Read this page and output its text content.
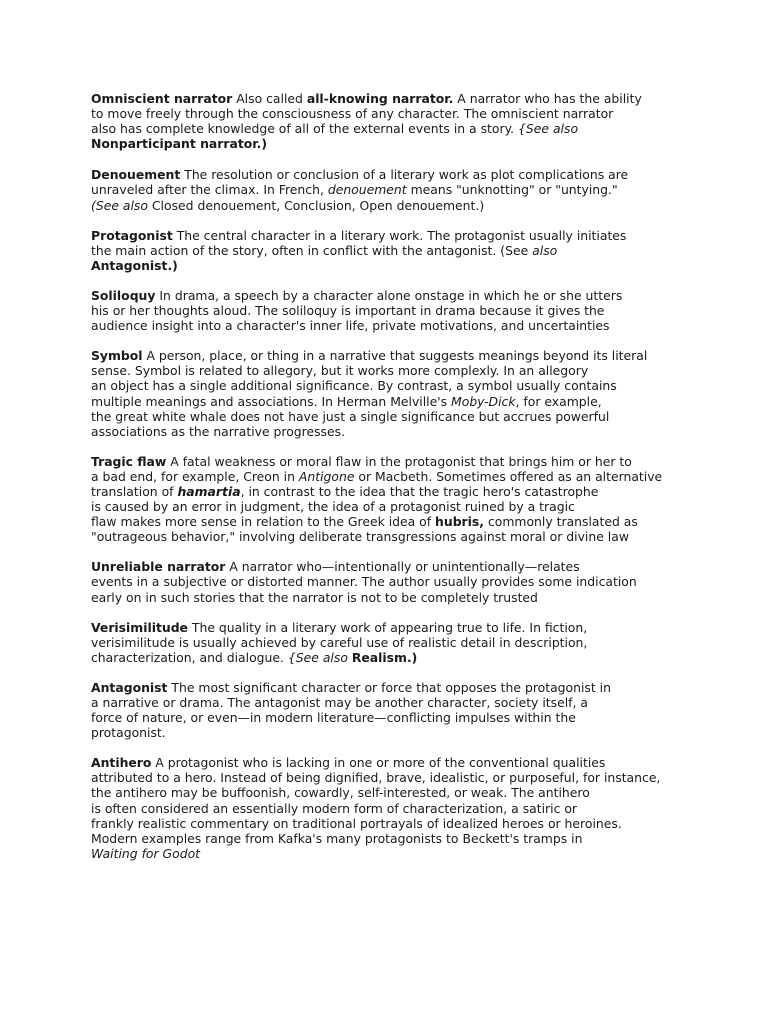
Omniscient narrator Also called all-knowing narrator. A narrator who has the ability
to move freely through the consciousness of any character. The omniscient narrator
also has complete knowledge of all of the external events in a story. {See also
Nonparticipant narrator.)
Denouement The resolution or conclusion of a literary work as plot complications are
unraveled after the climax. In French, denouement means "unknotting" or "untying."
(See also Closed denouement, Conclusion, Open denouement.)
Protagonist The central character in a literary work. The protagonist usually initiates
the main action of the story, often in conflict with the antagonist. (See also
Antagonist.)
Soliloquy In drama, a speech by a character alone onstage in which he or she utters
his or her thoughts aloud. The soliloquy is important in drama because it gives the
audience insight into a character's inner life, private motivations, and uncertainties
Symbol A person, place, or thing in a narrative that suggests meanings beyond its literal
sense. Symbol is related to allegory, but it works more complexly. In an allegory
an object has a single additional significance. By contrast, a symbol usually contains
multiple meanings and associations. In Herman Melville's Moby-Dick, for example,
the great white whale does not have just a single significance but accrues powerful
associations as the narrative progresses.
Tragic flaw A fatal weakness or moral flaw in the protagonist that brings him or her to
a bad end, for example, Creon in Antigone or Macbeth. Sometimes offered as an alternative
translation of hamartia, in contrast to the idea that the tragic hero's catastrophe
is caused by an error in judgment, the idea of a protagonist ruined by a tragic
flaw makes more sense in relation to the Greek idea of hubris, commonly translated as
"outrageous behavior," involving deliberate transgressions against moral or divine law
Unreliable narrator A narrator who—intentionally or unintentionally—relates
events in a subjective or distorted manner. The author usually provides some indication
early on in such stories that the narrator is not to be completely trusted
Verisimilitude The quality in a literary work of appearing true to life. In fiction,
verisimilitude is usually achieved by careful use of realistic detail in description,
characterization, and dialogue. {See also Realism.)
Antagonist The most significant character or force that opposes the protagonist in
a narrative or drama. The antagonist may be another character, society itself, a
force of nature, or even—in modern literature—conflicting impulses within the
protagonist.
Antihero A protagonist who is lacking in one or more of the conventional qualities
attributed to a hero. Instead of being dignified, brave, idealistic, or purposeful, for instance,
the antihero may be buffoonish, cowardly, self-interested, or weak. The antihero
is often considered an essentially modern form of characterization, a satiric or
frankly realistic commentary on traditional portrayals of idealized heroes or heroines.
Modern examples range from Kafka's many protagonists to Beckett's tramps in
Waiting for Godot
